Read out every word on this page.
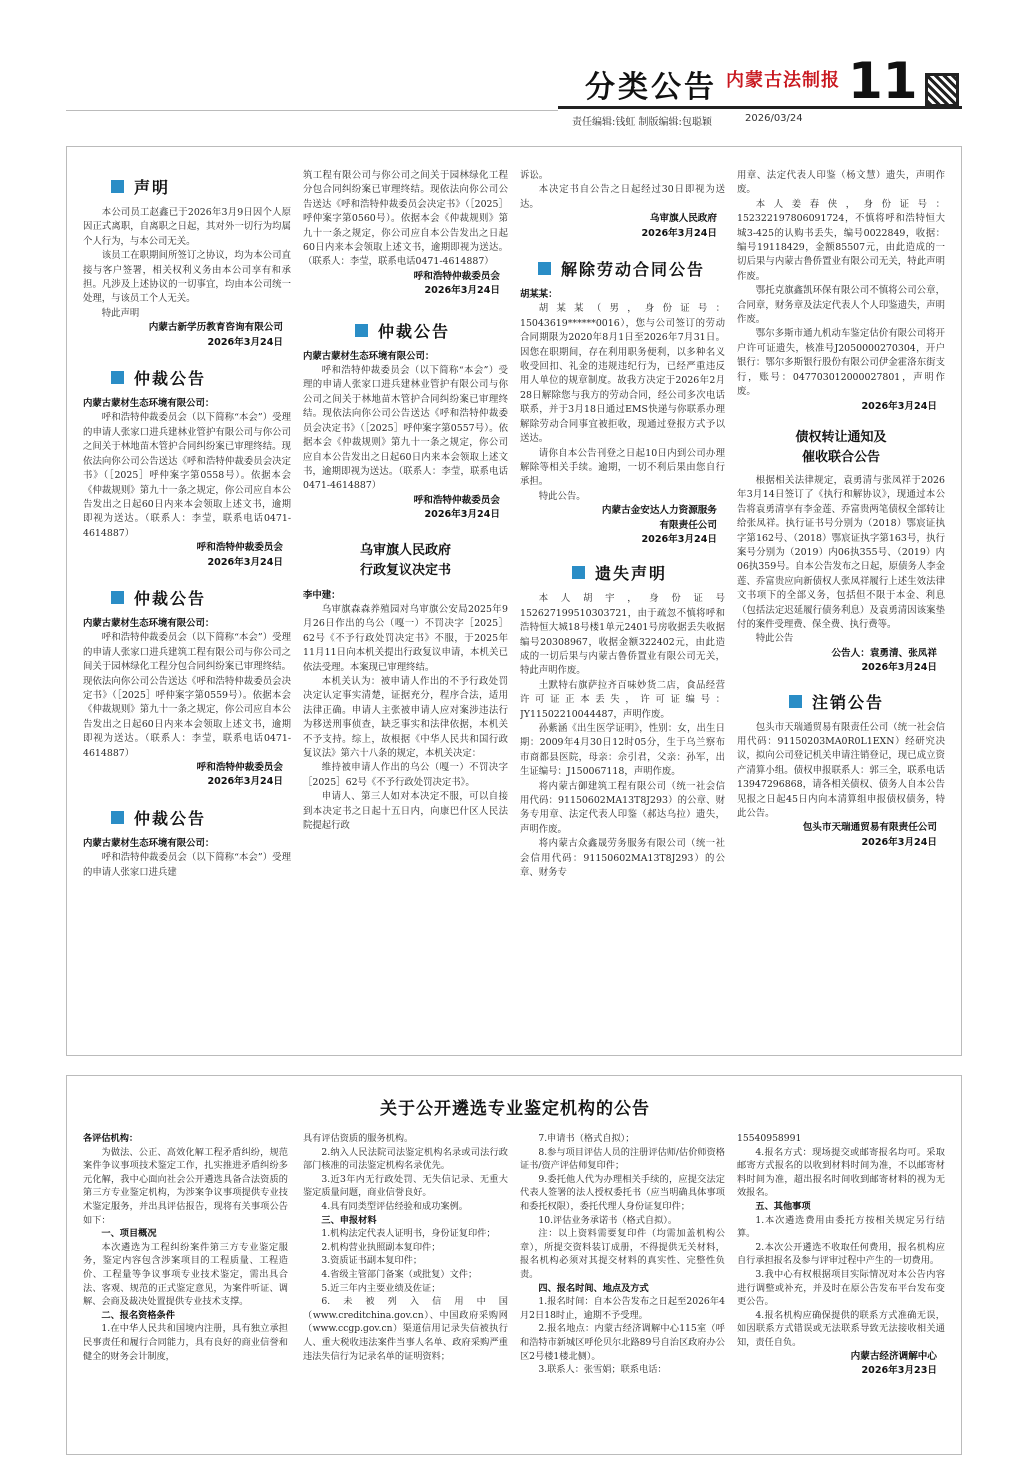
分类公告 内蒙古法制报 11
责任编辑:钱虹 制版编辑:包聪颖	2026/03/24
声明

本公司员工赵鑫已于2026年3月9日因个人原因正式离职，自离职之日起，其对外一切行为均属个人行为，与本公司无关。

该员工在职期间所签订之协议，均为本公司直接与客户签署，相关权利义务由本公司享有和承担。凡涉及上述协议的一切事宜，均由本公司统一处理，与该员工个人无关。

特此声明

内蒙古新学历教育咨询有限公司
2026年3月24日
仲裁公告

内蒙古蒙材生态环境有限公司：

呼和浩特仲裁委员会（以下简称“本会”）受理的申请人张家口进兵建林业管护有限公司与你公司之间关于林地苗木管护合同纠纷案已审理终结。现依法向你公司公告送达《呼和浩特仲裁委员会决定书》（［2025］呼仲案字第0558号）。依据本会《仲裁规则》第九十一条之规定，你公司应自本公告发出之日起60日内来本会领取上述文书，逾期即视为送达。（联系人：李莹，联系电话0471-4614887）

呼和浩特仲裁委员会
2026年3月24日
仲裁公告

内蒙古蒙材生态环境有限公司：

呼和浩特仲裁委员会（以下简称“本会”）受理的申请人张家口进兵建筑工程有限公司与你公司之间关于园林绿化工程分包合同纠纷案已审理终结。现依法向你公司公告送达《呼和浩特仲裁委员会决定书》（［2025］呼仲案字第0559号）。依据本会《仲裁规则》第九十一条之规定，你公司应自本公告发出之日起60日内来本会领取上述文书，逾期即视为送达。（联系人：李莹，联系电话0471-4614887）

呼和浩特仲裁委员会
2026年3月24日
仲裁公告

内蒙古蒙材生态环境有限公司：

呼和浩特仲裁委员会（以下简称“本会”）受理的申请人张家口进兵建

筑工程有限公司与你公司之间关于园林绿化工程分包合同纠纷案已审理终结。现依法向你公司公告送达《呼和浩特仲裁委员会决定书》（［2025］呼仲案字第0560号）。依据本会《仲裁规则》第九十一条之规定，你公司应自本公告发出之日起60日内来本会领取上述文书，逾期即视为送达。（联系人：李莹，联系电话0471-4614887）

呼和浩特仲裁委员会
2026年3月24日
仲裁公告

内蒙古蒙材生态环境有限公司：

呼和浩特仲裁委员会（以下简称“本会”）受理的申请人张家口进兵建林业管护有限公司与你公司之间关于林地苗木管护合同纠纷案已审理终结。现依法向你公司公告送达《呼和浩特仲裁委员会决定书》（［2025］呼仲案字第0557号）。依据本会《仲裁规则》第九十一条之规定，你公司应自本公告发出之日起60日内来本会领取上述文书，逾期即视为送达。（联系人：李莹，联系电话0471-4614887）

呼和浩特仲裁委员会
2026年3月24日
乌审旗人民政府
行政复议决定书

李中建：

乌审旗森森养殖园对乌审旗公安局2025年9月26日作出的乌公（嘎一）不罚决字［2025］62号《不予行政处罚决定书》不服，于2025年11月11日向本机关提出行政复议申请，本机关已依法受理。本案现已审理终结。

本机关认为：被申请人作出的不予行政处罚决定认定事实清楚，证据充分，程序合法，适用法律正确。申请人主张被申请人应对案涉违法行为移送刑事侦查，缺乏事实和法律依据，本机关不予支持。综上，故根据《中华人民共和国行政复议法》第六十八条的规定，本机关决定：

维持被申请人作出的乌公（嘎一）不罚决字［2025］62号《不予行政处罚决定书》。

申请人、第三人如对本决定不服，可以自接到本决定书之日起十五日内，向康巴什区人民法院提起行政

诉讼。

本决定书自公告之日起经过30日即视为送达。

乌审旗人民政府
2026年3月24日
解除劳动合同公告

胡某某：

胡某某（男，身份证号：15043619******0016），您与公司签订的劳动合同期限为2020年8月1日至2026年7月31日。因您在职期间，存在利用职务便利，以多种名义收受回扣、礼金的违规违纪行为，已经严重违反用人单位的规章制度。故我方决定于2026年2月28日解除您与我方的劳动合同，经公司多次电话联系，并于3月18日通过EMS快递与你联系办理解除劳动合同事宜被拒收，现通过登报方式予以送达。

请你自本公告刊登之日起10日内到公司办理解除等相关手续。逾期，一切不利后果由您自行承担。

特此公告。

内蒙古金安达人力资源服务
有限责任公司
2026年3月24日
遗失声明

本人胡宇，身份证号152627199510303721，由于疏忽不慎将呼和浩特恒大城18号楼1单元2401号房收据丢失收据编号20308967，收据金额322402元，由此造成的一切后果与内蒙古鲁侨置业有限公司无关，特此声明作废。

土默特右旗萨拉齐百味妙货二店，食品经营许可证正本丢失，许可证编号：JY11502210044487，声明作废。

孙紫涵《出生医学证明》，性别：女，出生日期：2009年4月30日12时05分，生于乌兰察布市商都县医院，母亲：佘引君，父亲：孙军，出生证编号：J150067118，声明作废。

将内蒙古御建筑工程有限公司（统一社会信用代码：91150602MA13T8J293）的公章、财务专用章、法定代表人印鉴（郝达乌拉）遗失，声明作废。

将内蒙古众鑫晟劳务服务有限公司（统一社会信用代码：91150602MA13T8J293）的公章、财务专

用章、法定代表人印鉴（杨文慧）遗失，声明作废。

本人姜春侠，身份证号：152322197806091724，不慎将呼和浩特恒大城3-425的认购书丢失，编号0022849，收据：编号19118429，金额85507元，由此造成的一切后果与内蒙古鲁侨置业有限公司无关，特此声明作废。

鄂托克旗鑫凯环保有限公司不慎将公司公章，合同章，财务章及法定代表人个人印鉴遗失，声明作废。

鄂尔多斯市通九机动车鉴定估价有限公司将开户许可证遗失，核准号J2050000270304，开户银行：鄂尔多斯银行股份有限公司伊金霍洛东街支行，账号：047703012000027801，声明作废。

2026年3月24日
债权转让通知及
催收联合公告

根据相关法律规定，袁勇清与张凤祥于2026年3月14日签订了《执行和解协议》，现通过本公告将袁勇清享有李金莲、乔富贵两笔债权全部转让给张凤祥。执行证书号分别为（2018）鄂宸证执字第162号、（2018）鄂宸证执字第163号，执行案号分别为（2019）内06执355号、（2019）内06执359号。自本公告发布之日起，原债务人李金莲、乔富贵应向新债权人张凤祥履行上述生效法律文书项下的全部义务，包括但不限于本金、利息（包括法定迟延履行债务利息）及袁勇清因该案垫付的案件受理费、保全费、执行费等。

特此公告

公告人：袁勇清、张凤祥
2026年3月24日
注销公告

包头市天瑞通贸易有限责任公司（统一社会信用代码：91150203MA0R0L1EXN）经研究决议，拟向公司登记机关申请注销登记，现已成立资产清算小组。债权申报联系人：郭三全，联系电话13947296868，请各相关债权、债务人自本公告见报之日起45日内向本清算组申报债权债务，特此公告。

包头市天瑞通贸易有限责任公司
2026年3月24日
关于公开遴选专业鉴定机构的公告

各评估机构：

为做法、公正、高效化解工程矛盾纠纷，规范案件争议事项技术鉴定工作，扎实推进矛盾纠纷多元化解，我中心面向社会公开遴选具备合法资质的第三方专业鉴定机构，为涉案争议事项提供专业技术鉴定服务，并出具评估报告，现将有关事项公告如下：

一、项目概况

本次遴选为工程纠纷案件第三方专业鉴定服务，鉴定内容包含涉案项目的工程质量、工程造价、工程量等争议事项专业技术鉴定，需出具合法、客观、规范的正式鉴定意见，为案件听证、调解、会商及裁决处置提供专业技术支撑。

二、报名资格条件

1.在中华人民共和国境内注册，具有独立承担民事责任和履行合同能力，具有良好的商业信誉和健全的财务会计制度，

具有评估资质的服务机构。

2.纳入人民法院司法鉴定机构名录或司法行政部门核准的司法鉴定机构名录优先。

3.近3年内无行政处罚、无失信记录、无重大鉴定质量问题，商业信誉良好。

4.具有同类型评估经验和成功案例。

三、申报材料

1.机构法定代表人证明书，身份证复印件；

2.机构营业执照副本复印件；

3.资质证书副本复印件；

4.省级主管部门备案（或批复）文件；

5.近三年内主要业绩及佐证；

6.未被列入信用中国（www.creditchina.gov.cn）、中国政府采购网（www.ccgp.gov.cn）渠道信用记录失信被执行人、重大税收违法案件当事人名单、政府采购严重违法失信行为记录名单的证明资料；

7.申请书（格式自拟）；

8.参与项目评估人员的注册评估师/估价师资格证书/资产评估师复印件；

9.委托他人代为办理相关手续的，应提交法定代表人签署的法人授权委托书（应当明确具体事项和委托权限），委托代理人身份证复印件；

10.评估业务承诺书（格式自拟）。

注：以上资料需要复印件（均需加盖机构公章），所提交资料装订成册，不得提供无关材料，报名机构必须对其提交材料的真实性、完整性负责。

四、报名时间、地点及方式

1.报名时间：自本公告发布之日起至2026年4月2日18时止，逾期不予受理。

2.报名地点：内蒙古经济调解中心115室（呼和浩特市新城区呼伦贝尔北路89号自治区政府办公区2号楼1楼北侧）。

3.联系人：张雪娟；联系电话：

15540958991

4.报名方式：现场提交或邮寄报名均可。采取邮寄方式报名的以收到材料时间为准，不以邮寄材料时间为准，超出报名时间收到邮寄材料的视为无效报名。

五、其他事项

1.本次遴选费用由委托方按相关规定另行结算。

2.本次公开遴选不收取任何费用，报名机构应自行承担报名及参与评审过程中产生的一切费用。

3.我中心有权根据项目实际情况对本公告内容进行调整或补充，并及时在原公告发布平台发布变更公告。

4.报名机构应确保提供的联系方式准确无误，如因联系方式错误或无法联系导致无法接收相关通知，责任自负。

内蒙古经济调解中心
2026年3月23日
